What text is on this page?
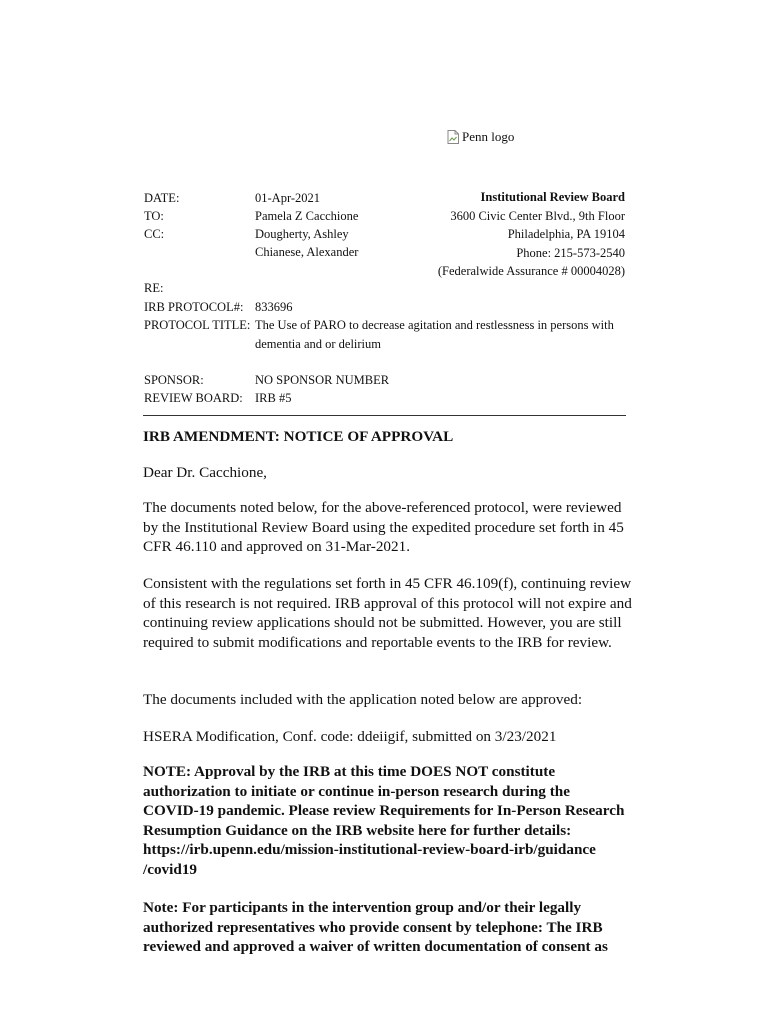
Penn logo
DATE:	01-Apr-2021
TO:	Pamela Z Cacchione
CC:	Dougherty, Ashley
Chianese, Alexander
Institutional Review Board
3600 Civic Center Blvd., 9th Floor
Philadelphia, PA 19104
Phone: 215-573-2540
(Federalwide Assurance # 00004028)
RE:
IRB PROTOCOL#: 833696
PROTOCOL TITLE: The Use of PARO to decrease agitation and restlessness in persons with dementia and or delirium
SPONSOR:	NO SPONSOR NUMBER
REVIEW BOARD: IRB #5
IRB AMENDMENT: NOTICE OF APPROVAL
Dear Dr. Cacchione,
The documents noted below, for the above-referenced protocol, were reviewed by the Institutional Review Board using the expedited procedure set forth in 45 CFR 46.110 and approved on 31-Mar-2021.
Consistent with the regulations set forth in 45 CFR 46.109(f), continuing review of this research is not required. IRB approval of this protocol will not expire and continuing review applications should not be submitted. However, you are still required to submit modifications and reportable events to the IRB for review.
The documents included with the application noted below are approved:
HSERA Modification, Conf. code: ddeiigif, submitted on 3/23/2021
NOTE: Approval by the IRB at this time DOES NOT constitute
authorization to initiate or continue in-person research during the
COVID-19 pandemic. Please review Requirements for In-Person Research
Resumption Guidance on the IRB website here for further details:
https://irb.upenn.edu/mission-institutional-review-board-irb/guidance
/covid19
Note: For participants in the intervention group and/or their legally
authorized representatives who provide consent by telephone: The IRB
reviewed and approved a waiver of written documentation of consent as
